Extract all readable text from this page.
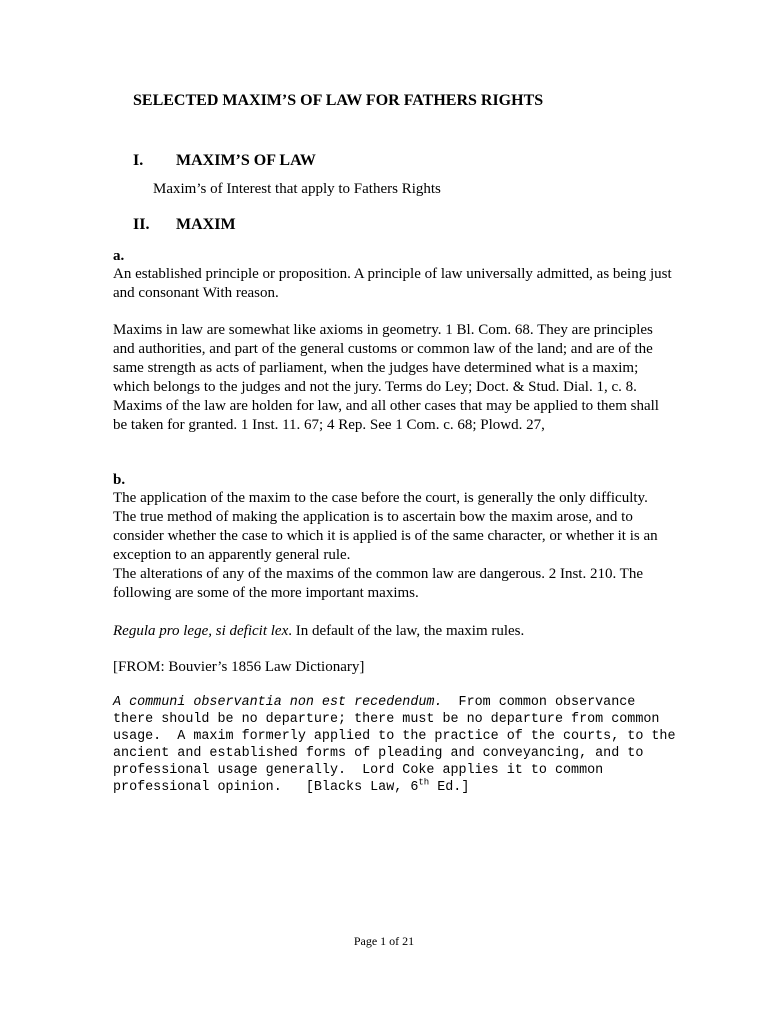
SELECTED MAXIM’S OF LAW FOR FATHERS RIGHTS
I. MAXIM’S OF LAW

Maxim’s of Interest that apply to Fathers Rights

II. MAXIM

a.

An established principle or proposition. A principle of law universally admitted, as being just and consonant With reason.

Maxims in law are somewhat like axioms in geometry. 1 Bl. Com. 68. They are principles and authorities, and part of the general customs or common law of the land; and are of the same strength as acts of parliament, when the judges have determined what is a maxim; which belongs to the judges and not the jury. Terms do Ley; Doct. & Stud. Dial. 1, c. 8. Maxims of the law are holden for law, and all other cases that may be applied to them shall be taken for granted. 1 Inst. 11. 67; 4 Rep. See 1 Com. c. 68; Plowd. 27,

b.

The application of the maxim to the case before the court, is generally the only difficulty. The true method of making the application is to ascertain bow the maxim arose, and to consider whether the case to which it is applied is of the same character, or whether it is an exception to an apparently general rule.
The alterations of any of the maxims of the common law are dangerous. 2 Inst. 210. The following are some of the more important maxims.

Regula pro lege, si deficit lex. In default of the law, the maxim rules.

[FROM: Bouvier’s 1856 Law Dictionary]

A communi observantia non est recedendum.  From common observance there should be no departure; there must be no departure from common usage.  A maxim formerly applied to the practice of the courts, to the ancient and established forms of pleading and conveyancing, and to professional usage generally.  Lord Coke applies it to common professional opinion.   [Blacks Law, 6th Ed.]

Page 1 of 21
